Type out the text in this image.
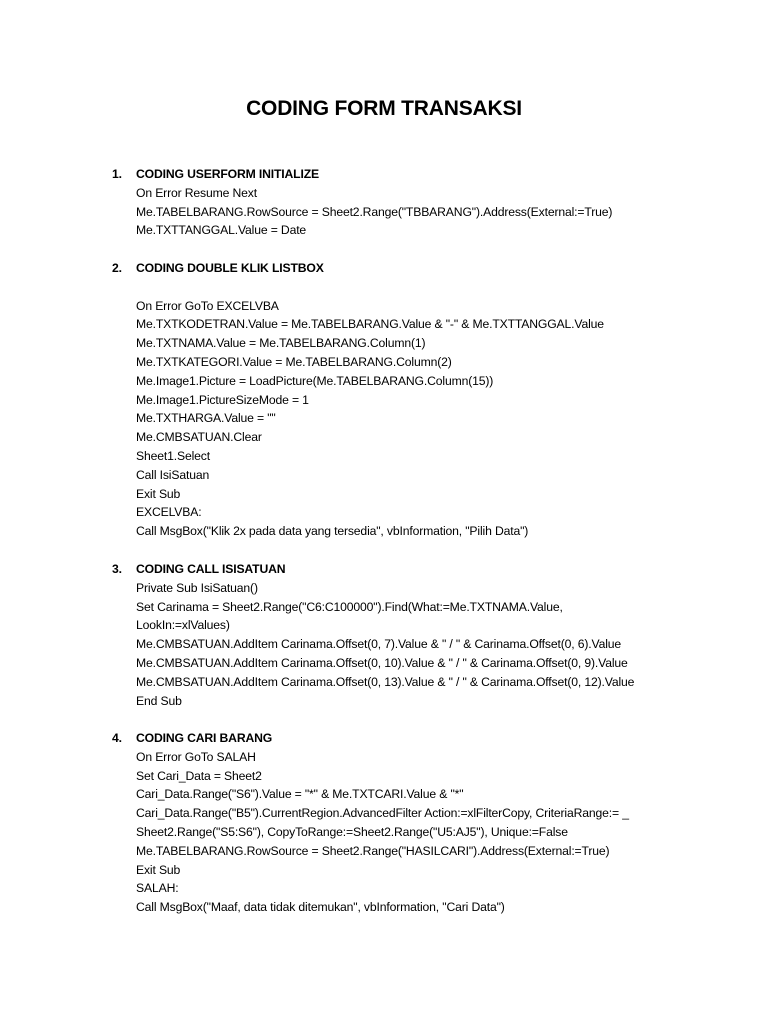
CODING FORM TRANSAKSI
1.	CODING USERFORM INITIALIZE
On Error Resume Next
Me.TABELBARANG.RowSource = Sheet2.Range("TBBARANG").Address(External:=True)
Me.TXTTANGGAL.Value = Date
2.	CODING DOUBLE KLIK LISTBOX
On Error GoTo EXCELVBA
Me.TXTKODETRAN.Value = Me.TABELBARANG.Value & "-" & Me.TXTTANGGAL.Value
Me.TXTNAMA.Value = Me.TABELBARANG.Column(1)
Me.TXTKATEGORI.Value = Me.TABELBARANG.Column(2)
Me.Image1.Picture = LoadPicture(Me.TABELBARANG.Column(15))
Me.Image1.PictureSizeMode = 1
Me.TXTHARGA.Value = ""
Me.CMBSATUAN.Clear
Sheet1.Select
Call IsiSatuan
Exit Sub
EXCELVBA:
Call MsgBox("Klik 2x pada data yang tersedia", vbInformation, "Pilih Data")
3.	CODING CALL ISISATUAN
Private Sub IsiSatuan()
Set Carinama = Sheet2.Range("C6:C100000").Find(What:=Me.TXTNAMA.Value,
LookIn:=xlValues)
Me.CMBSATUAN.AddItem Carinama.Offset(0, 7).Value & " / " & Carinama.Offset(0, 6).Value
Me.CMBSATUAN.AddItem Carinama.Offset(0, 10).Value & " / " & Carinama.Offset(0, 9).Value
Me.CMBSATUAN.AddItem Carinama.Offset(0, 13).Value & " / " & Carinama.Offset(0, 12).Value
End Sub
4.	CODING CARI BARANG
On Error GoTo SALAH
Set Cari_Data = Sheet2
Cari_Data.Range("S6").Value = "*" & Me.TXTCARI.Value & "*"
Cari_Data.Range("B5").CurrentRegion.AdvancedFilter Action:=xlFilterCopy, CriteriaRange:= _
Sheet2.Range("S5:S6"), CopyToRange:=Sheet2.Range("U5:AJ5"), Unique:=False
Me.TABELBARANG.RowSource = Sheet2.Range("HASILCARI").Address(External:=True)
Exit Sub
SALAH:
Call MsgBox("Maaf, data tidak ditemukan", vbInformation, "Cari Data")
